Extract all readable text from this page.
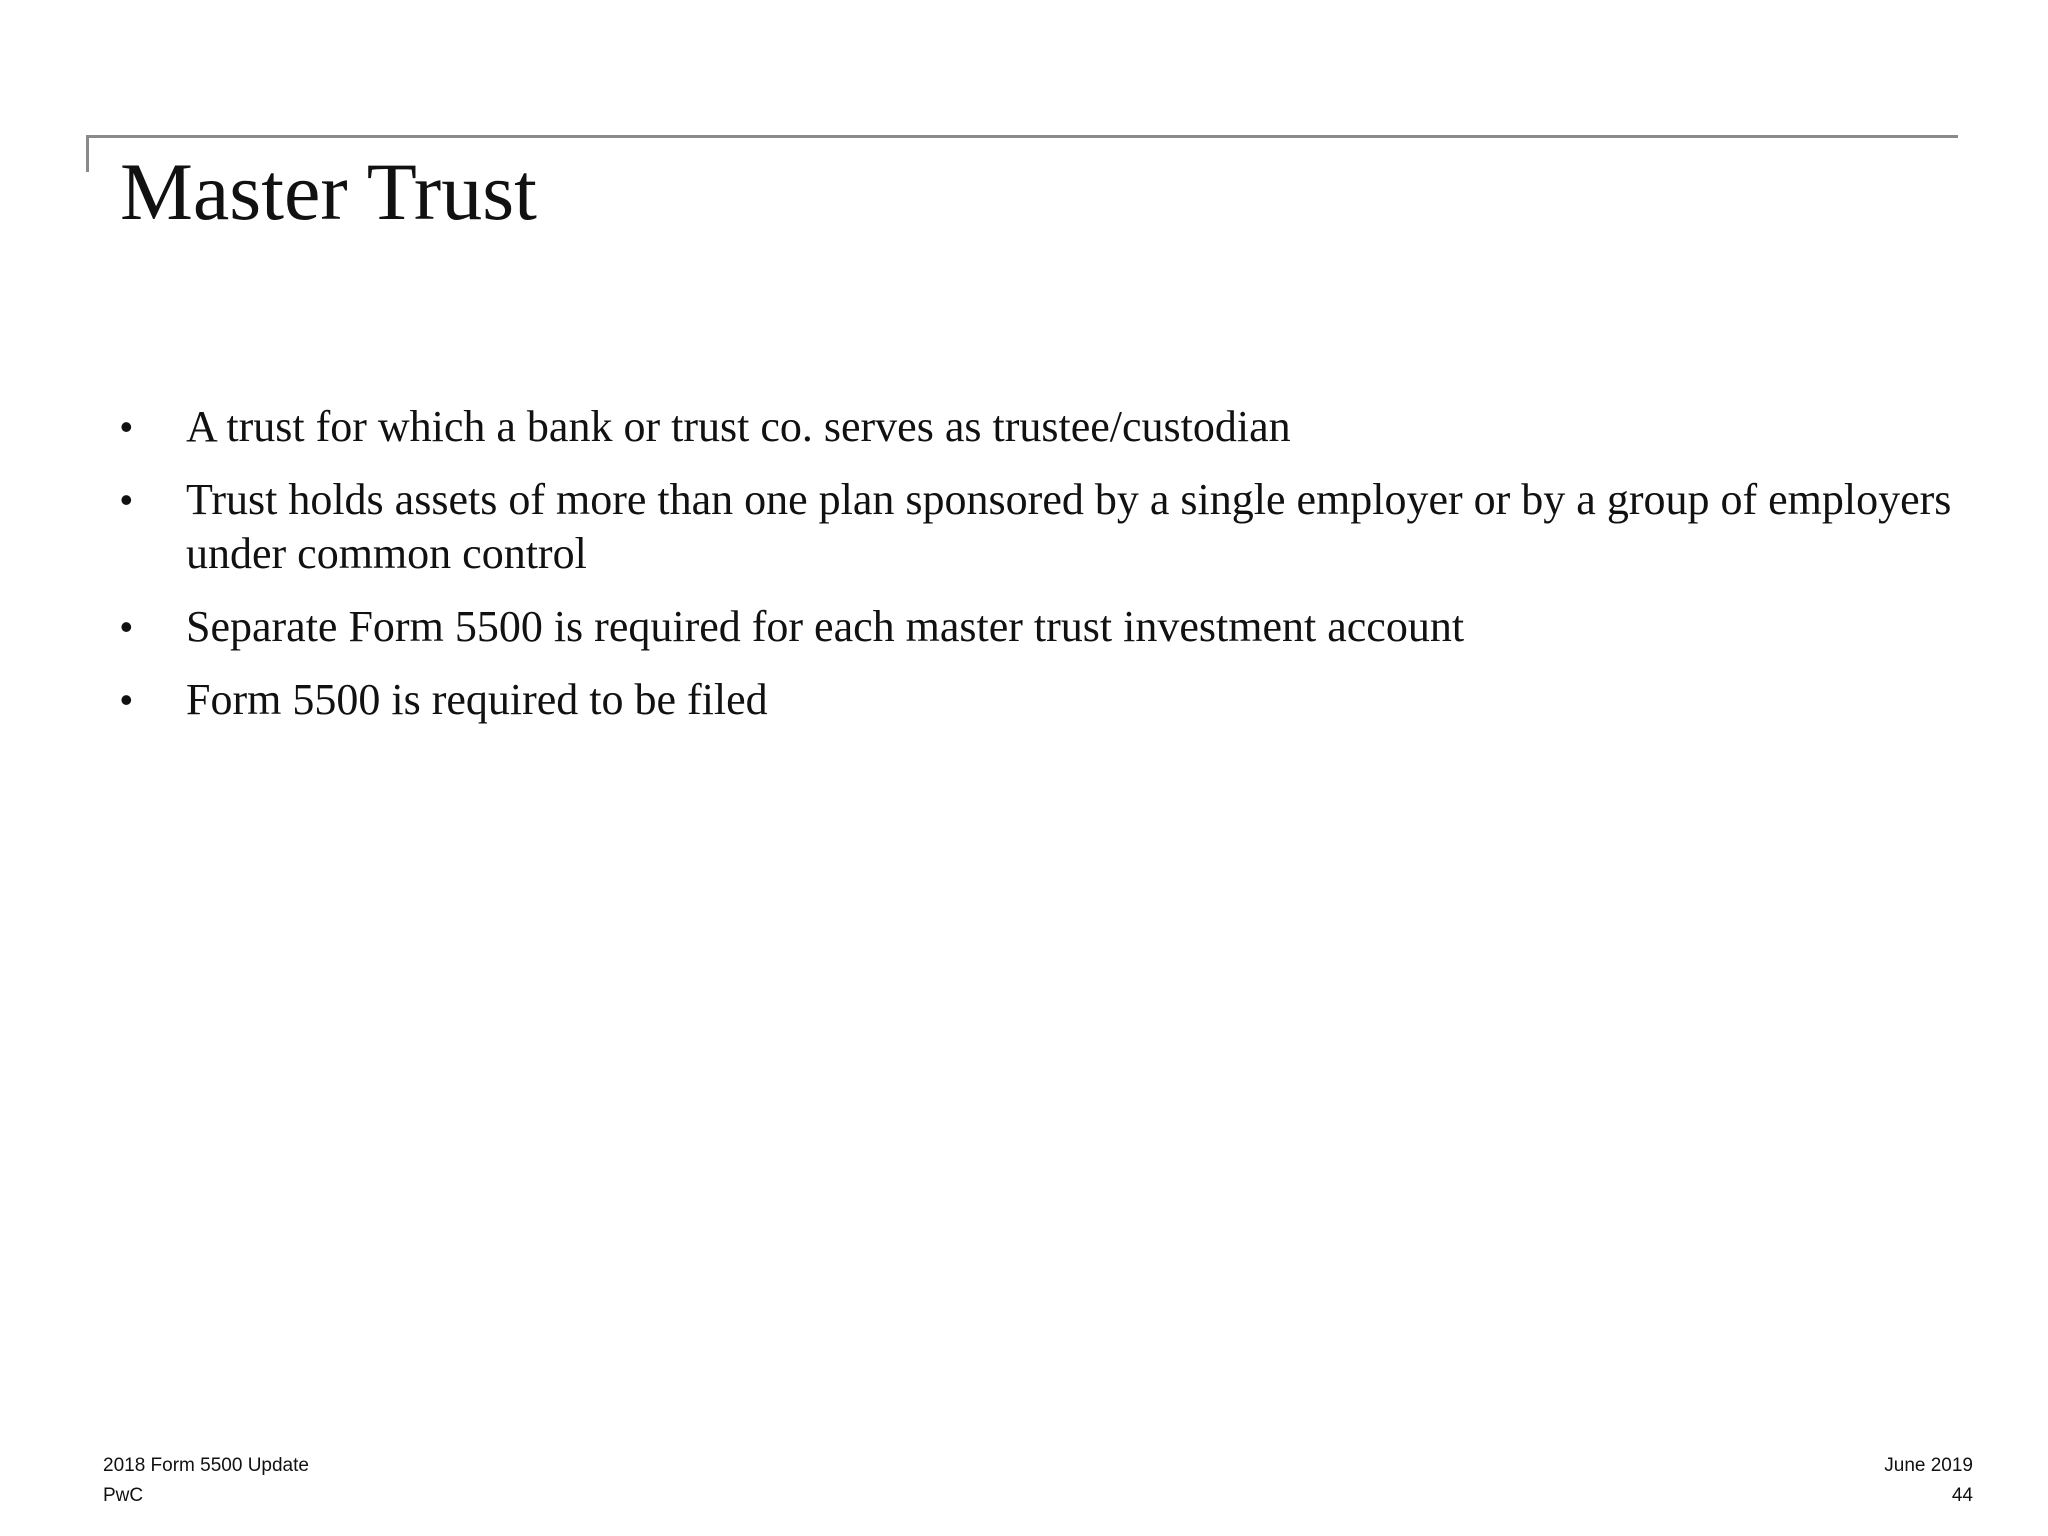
Master Trust
• A trust for which a bank or trust co. serves as trustee/custodian
• Trust holds assets of more than one plan sponsored by a single employer or by a group of employers under common control
• Separate Form 5500 is required for each master trust investment account
• Form 5500 is required to be filed
2018 Form 5500 Update
PwC
June 2019
44
